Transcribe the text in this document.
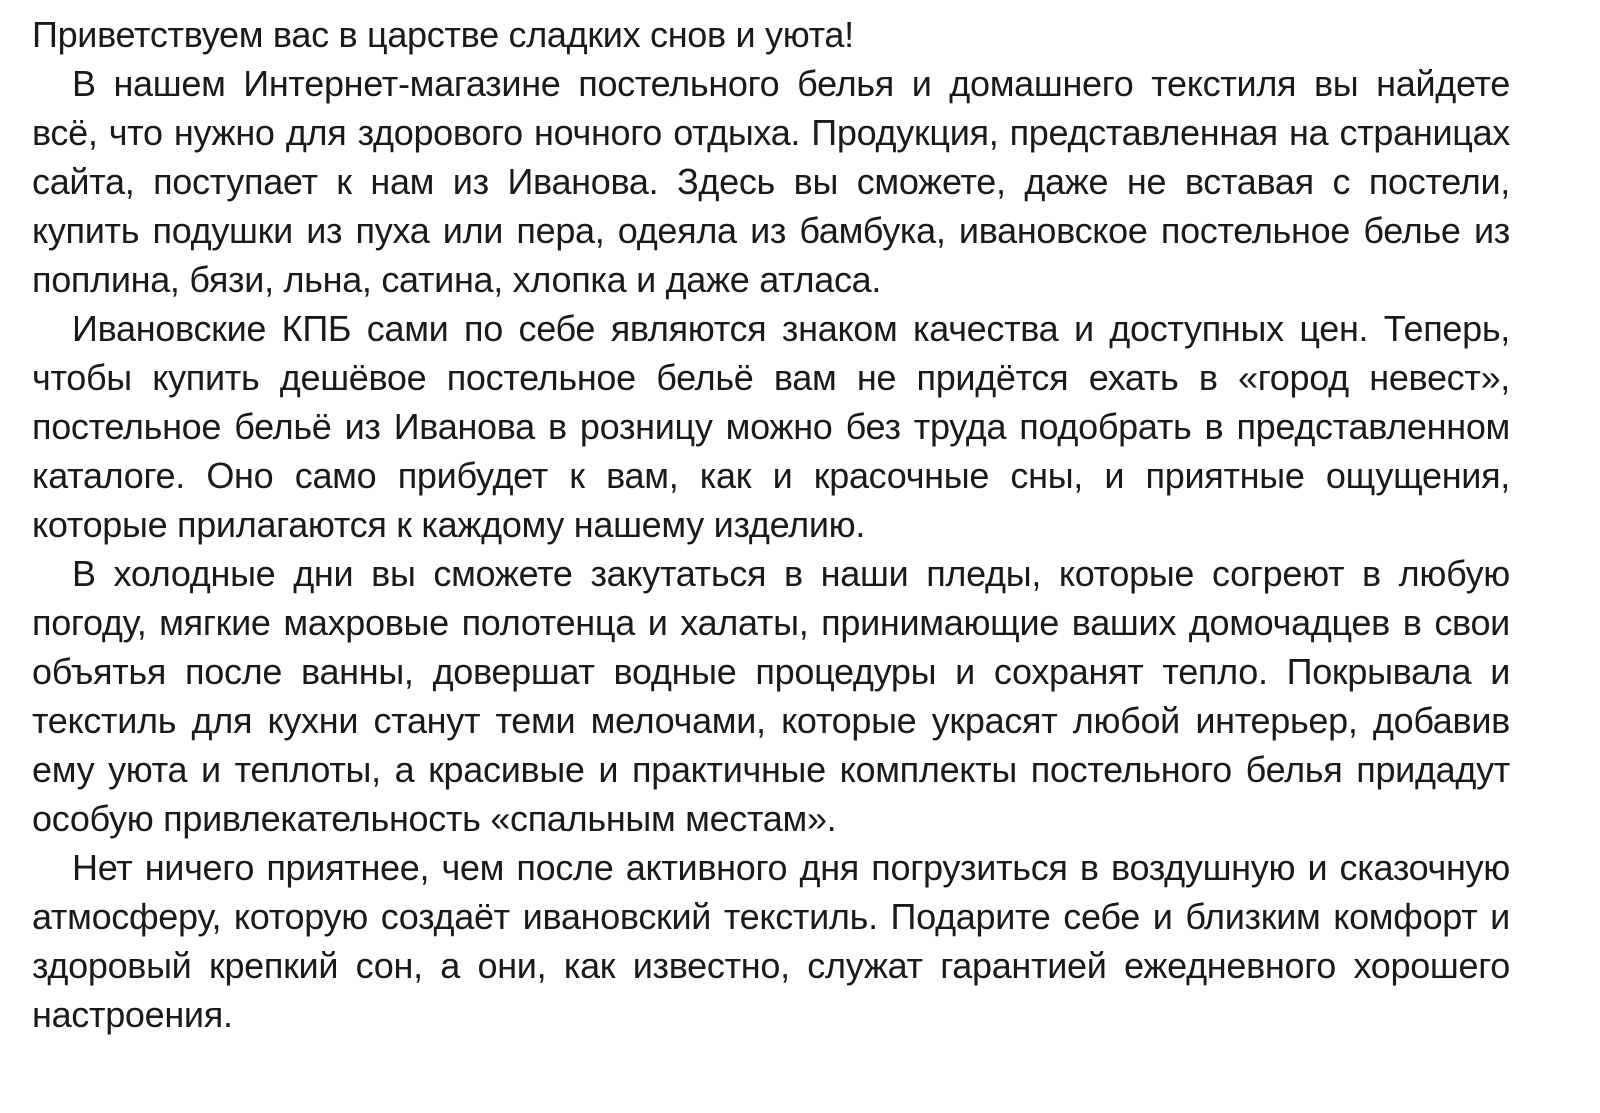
Приветствуем вас в царстве сладких снов и уюта!

В нашем Интернет-магазине постельного белья и домашнего текстиля вы найдете всё, что нужно для здорового ночного отдыха. Продукция, представленная на страницах сайта, поступает к нам из Иванова. Здесь вы сможете, даже не вставая с постели, купить подушки из пуха или пера, одеяла из бамбука, ивановское постельное белье из поплина, бязи, льна, сатина, хлопка и даже атласа.

Ивановские КПБ сами по себе являются знаком качества и доступных цен. Теперь, чтобы купить дешёвое постельное бельё вам не придётся ехать в «город невест», постельное бельё из Иванова в розницу можно без труда подобрать в представленном каталоге. Оно само прибудет к вам, как и красочные сны, и приятные ощущения, которые прилагаются к каждому нашему изделию.

В холодные дни вы сможете закутаться в наши пледы, которые согреют в любую погоду, мягкие махровые полотенца и халаты, принимающие ваших домочадцев в свои объятья после ванны, довершат водные процедуры и сохранят тепло. Покрывала и текстиль для кухни станут теми мелочами, которые украсят любой интерьер, добавив ему уюта и теплоты, а красивые и практичные комплекты постельного белья придадут особую привлекательность «спальным местам».

Нет ничего приятнее, чем после активного дня погрузиться в воздушную и сказочную атмосферу, которую создаёт ивановский текстиль. Подарите себе и близким комфорт и здоровый крепкий сон, а они, как известно, служат гарантией ежедневного хорошего настроения.
